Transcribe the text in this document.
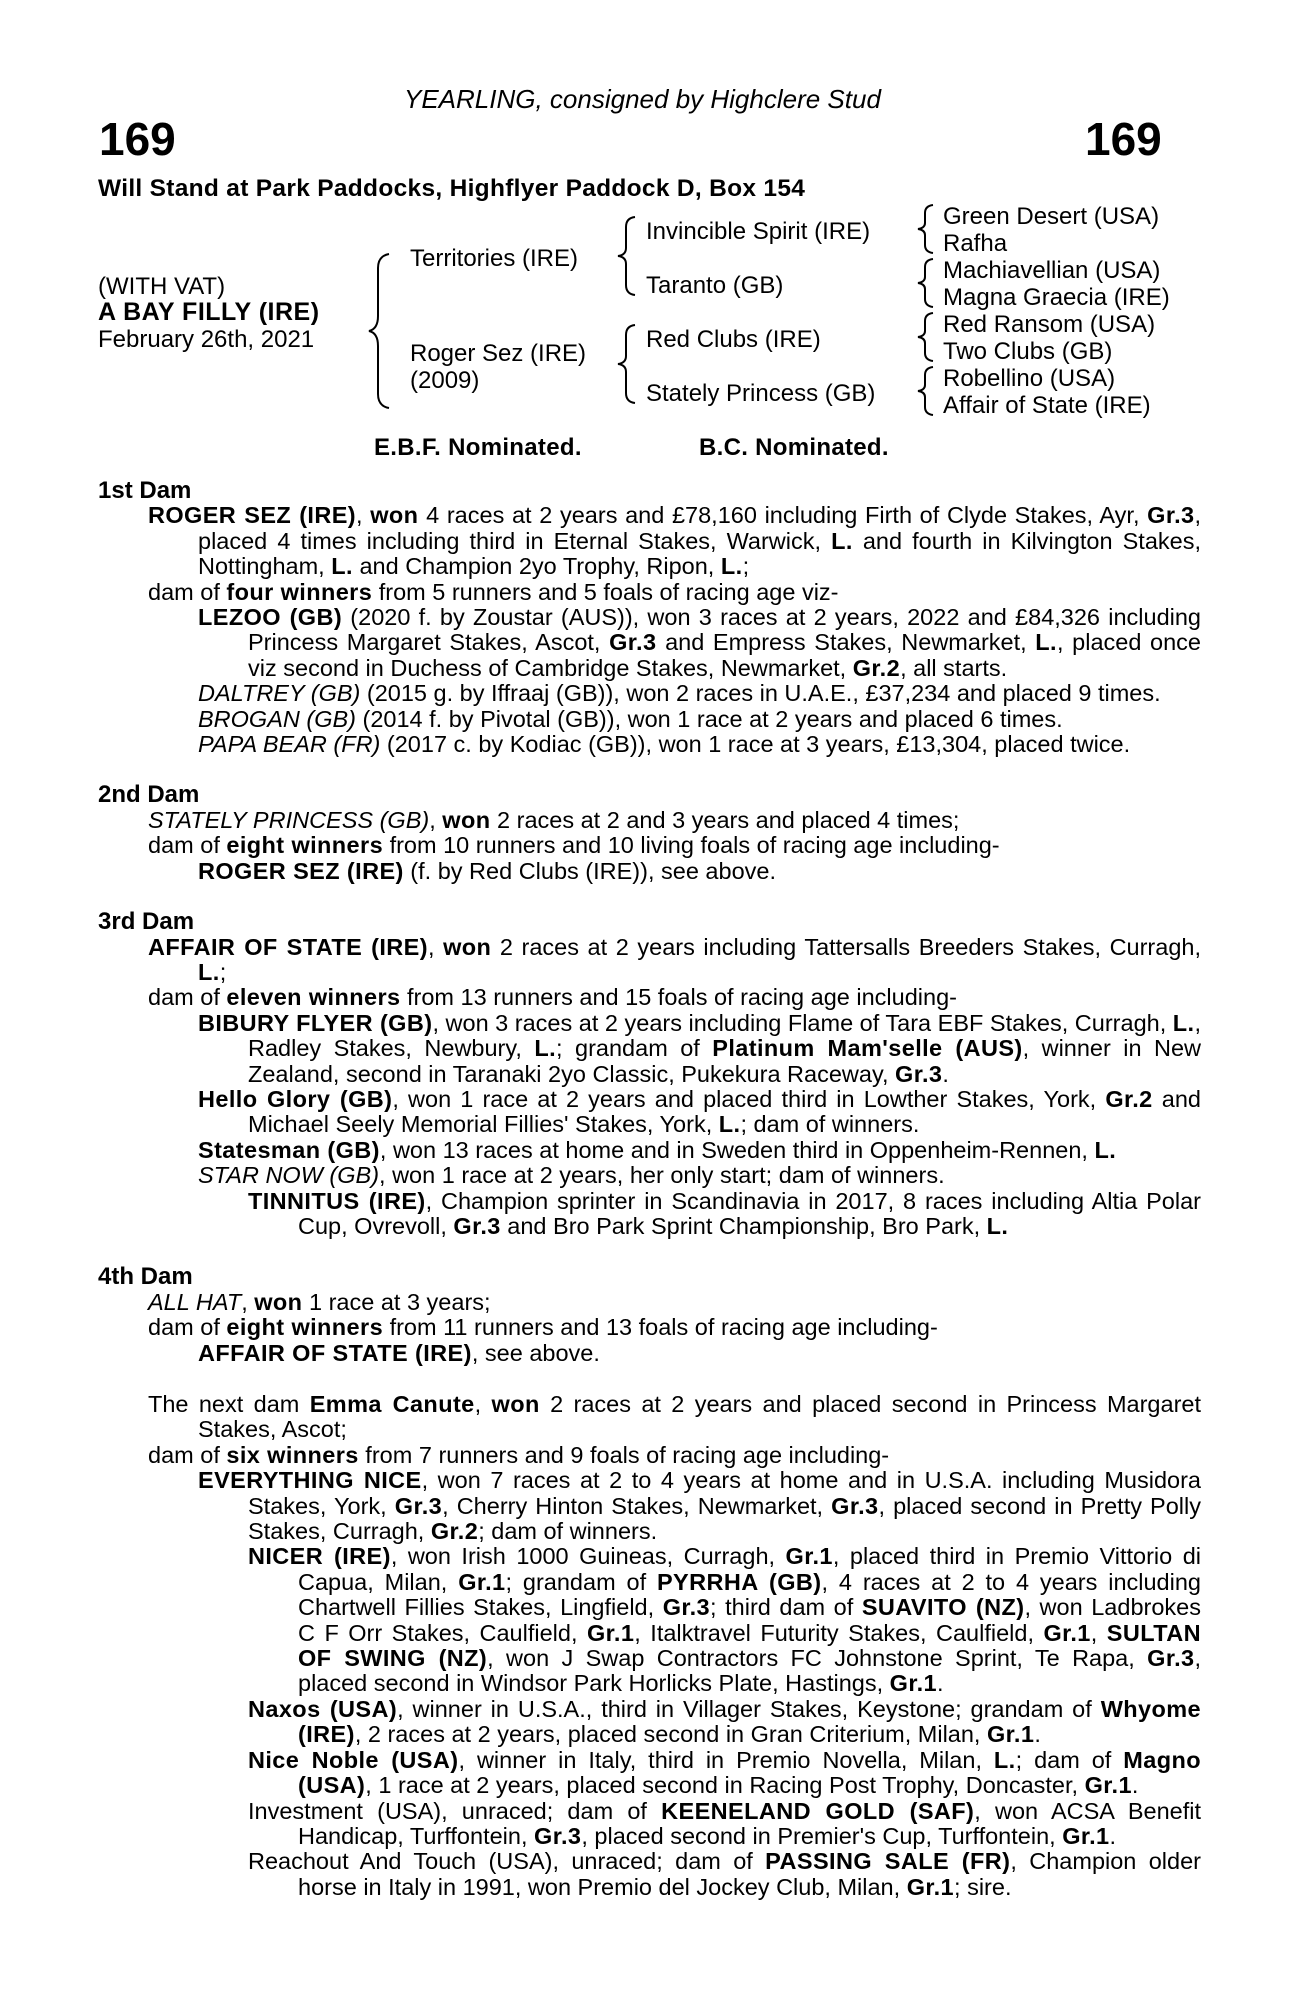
YEARLING, consigned by Highclere Stud
169	169
Will Stand at Park Paddocks, Highflyer Paddock D, Box 154
(WITH VAT)
A BAY FILLY (IRE)
February 26th, 2021
Territories (IRE)
Roger Sez (IRE)
(2009)
Invincible Spirit (IRE)
Taranto (GB)
Red Clubs (IRE)
Stately Princess (GB)
Green Desert (USA)
Rafha
Machiavellian (USA)
Magna Graecia (IRE)
Red Ransom (USA)
Two Clubs (GB)
Robellino (USA)
Affair of State (IRE)
E.B.F. Nominated.	B.C. Nominated.
1st Dam
ROGER SEZ (IRE), won 4 races at 2 years and £78,160 including Firth of Clyde Stakes, Ayr, Gr.3, placed 4 times including third in Eternal Stakes, Warwick, L. and fourth in Kilvington Stakes, Nottingham, L. and Champion 2yo Trophy, Ripon, L.;
dam of four winners from 5 runners and 5 foals of racing age viz-
LEZOO (GB) (2020 f. by Zoustar (AUS)), won 3 races at 2 years, 2022 and £84,326 including Princess Margaret Stakes, Ascot, Gr.3 and Empress Stakes, Newmarket, L., placed once viz second in Duchess of Cambridge Stakes, Newmarket, Gr.2, all starts.
DALTREY (GB) (2015 g. by Iffraaj (GB)), won 2 races in U.A.E., £37,234 and placed 9 times.
BROGAN (GB) (2014 f. by Pivotal (GB)), won 1 race at 2 years and placed 6 times.
PAPA BEAR (FR) (2017 c. by Kodiac (GB)), won 1 race at 3 years, £13,304, placed twice.
2nd Dam
STATELY PRINCESS (GB), won 2 races at 2 and 3 years and placed 4 times;
dam of eight winners from 10 runners and 10 living foals of racing age including-
ROGER SEZ (IRE) (f. by Red Clubs (IRE)), see above.
3rd Dam
AFFAIR OF STATE (IRE), won 2 races at 2 years including Tattersalls Breeders Stakes, Curragh, L.;
dam of eleven winners from 13 runners and 15 foals of racing age including-
BIBURY FLYER (GB), won 3 races at 2 years including Flame of Tara EBF Stakes, Curragh, L., Radley Stakes, Newbury, L.; grandam of Platinum Mam'selle (AUS), winner in New Zealand, second in Taranaki 2yo Classic, Pukekura Raceway, Gr.3.
Hello Glory (GB), won 1 race at 2 years and placed third in Lowther Stakes, York, Gr.2 and Michael Seely Memorial Fillies' Stakes, York, L.; dam of winners.
Statesman (GB), won 13 races at home and in Sweden third in Oppenheim-Rennen, L.
STAR NOW (GB), won 1 race at 2 years, her only start; dam of winners.
TINNITUS (IRE), Champion sprinter in Scandinavia in 2017, 8 races including Altia Polar Cup, Ovrevoll, Gr.3 and Bro Park Sprint Championship, Bro Park, L.
4th Dam
ALL HAT, won 1 race at 3 years;
dam of eight winners from 11 runners and 13 foals of racing age including-
AFFAIR OF STATE (IRE), see above.
The next dam Emma Canute, won 2 races at 2 years and placed second in Princess Margaret Stakes, Ascot;
dam of six winners from 7 runners and 9 foals of racing age including-
EVERYTHING NICE, won 7 races at 2 to 4 years at home and in U.S.A. including Musidora Stakes, York, Gr.3, Cherry Hinton Stakes, Newmarket, Gr.3, placed second in Pretty Polly Stakes, Curragh, Gr.2; dam of winners.
NICER (IRE), won Irish 1000 Guineas, Curragh, Gr.1, placed third in Premio Vittorio di Capua, Milan, Gr.1; grandam of PYRRHA (GB), 4 races at 2 to 4 years including Chartwell Fillies Stakes, Lingfield, Gr.3; third dam of SUAVITO (NZ), won Ladbrokes C F Orr Stakes, Caulfield, Gr.1, Italktravel Futurity Stakes, Caulfield, Gr.1, SULTAN OF SWING (NZ), won J Swap Contractors FC Johnstone Sprint, Te Rapa, Gr.3, placed second in Windsor Park Horlicks Plate, Hastings, Gr.1.
Naxos (USA), winner in U.S.A., third in Villager Stakes, Keystone; grandam of Whyome (IRE), 2 races at 2 years, placed second in Gran Criterium, Milan, Gr.1.
Nice Noble (USA), winner in Italy, third in Premio Novella, Milan, L.; dam of Magno (USA), 1 race at 2 years, placed second in Racing Post Trophy, Doncaster, Gr.1.
Investment (USA), unraced; dam of KEENELAND GOLD (SAF), won ACSA Benefit Handicap, Turffontein, Gr.3, placed second in Premier's Cup, Turffontein, Gr.1.
Reachout And Touch (USA), unraced; dam of PASSING SALE (FR), Champion older horse in Italy in 1991, won Premio del Jockey Club, Milan, Gr.1; sire.
